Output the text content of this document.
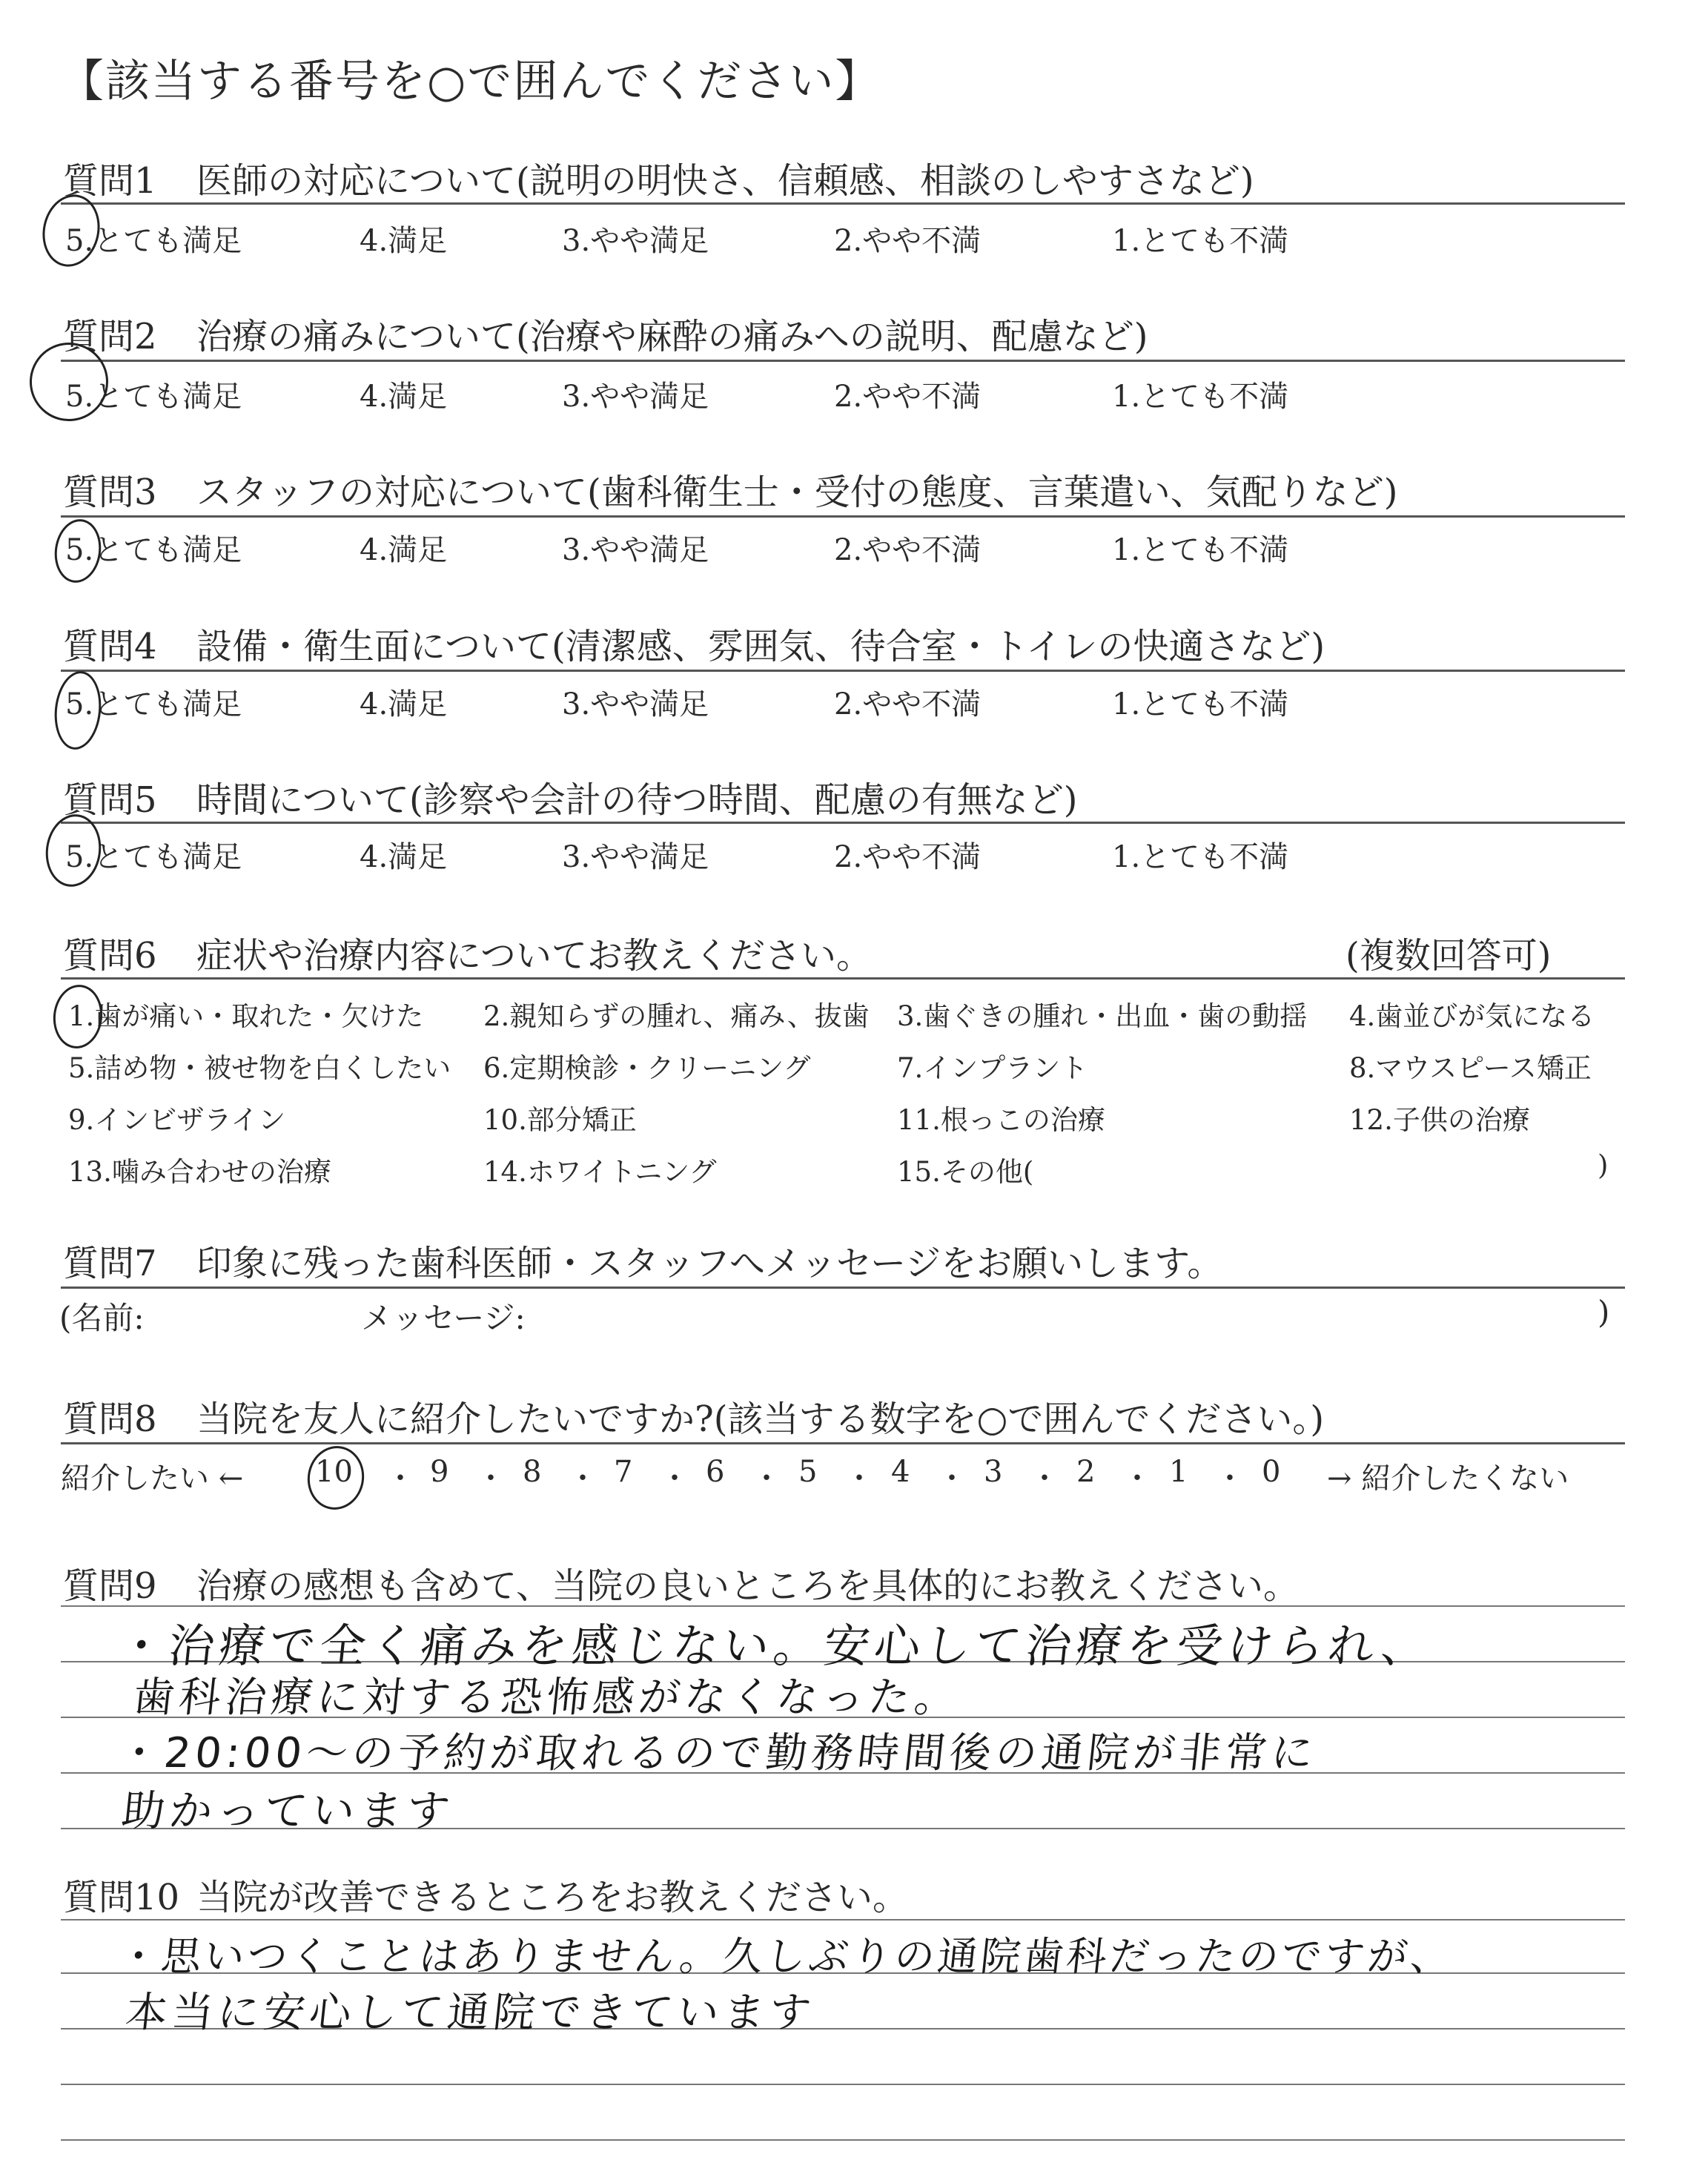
【該当する番号を○で囲んでください】
質問1 医師の対応について(説明の明快さ、信頼感、相談のしやすさなど)
5.とても満足	4.満足	3.やや満足	2.やや不満	1.とても不満
質問2 治療の痛みについて(治療や麻酔の痛みへの説明、配慮など)
5.とても満足	4.満足	3.やや満足	2.やや不満	1.とても不満
質問3 スタッフの対応について(歯科衛生士・受付の態度、言葉遣い、気配りなど)
5.とても満足	4.満足	3.やや満足	2.やや不満	1.とても不満
質問4 設備・衛生面について(清潔感、雰囲気、待合室・トイレの快適さなど)
5.とても満足	4.満足	3.やや満足	2.やや不満	1.とても不満
質問5 時間について(診察や会計の待つ時間、配慮の有無など)
5.とても満足	4.満足	3.やや満足	2.やや不満	1.とても不満
質問6 症状や治療内容についてお教えください。	(複数回答可)
1.歯が痛い・取れた・欠けた 2.親知らずの腫れ、痛み、抜歯 3.歯ぐきの腫れ・出血・歯の動揺 4.歯並びが気になる
5.詰め物・被せ物を白くしたい 6.定期検診・クリーニング	7.インプラント	8.マウスピース矯正
9.インビザライン	10.部分矯正	11.根っこの治療	12.子供の治療
13.噛み合わせの治療	14.ホワイトニング	15.その他(	)
質問7 印象に残った歯科医師・スタッフへメッセージをお願いします。
(名前:	メッセージ:	)
質問8 当院を友人に紹介したいですか?(該当する数字を○で囲んでください。)
紹介したい ← 10 ・ 9 ・ 8 ・ 7 ・ 6 ・ 5 ・ 4 ・ 3 ・ 2 ・ 1 ・ 0 → 紹介したくない
質問9 治療の感想も含めて、当院の良いところを具体的にお教えください。
・治療で全く痛みを感じない。安心して治療を受けられ、
歯科治療に対する恐怖感がなくなった。
・20:00〜の予約が取れるので勤務時間後の通院が非常に
助かっています
質問10 当院が改善できるところをお教えください。
・思いつくことはありません。久しぶりの通院歯科だったのですが、
本当に安心して通院できています
